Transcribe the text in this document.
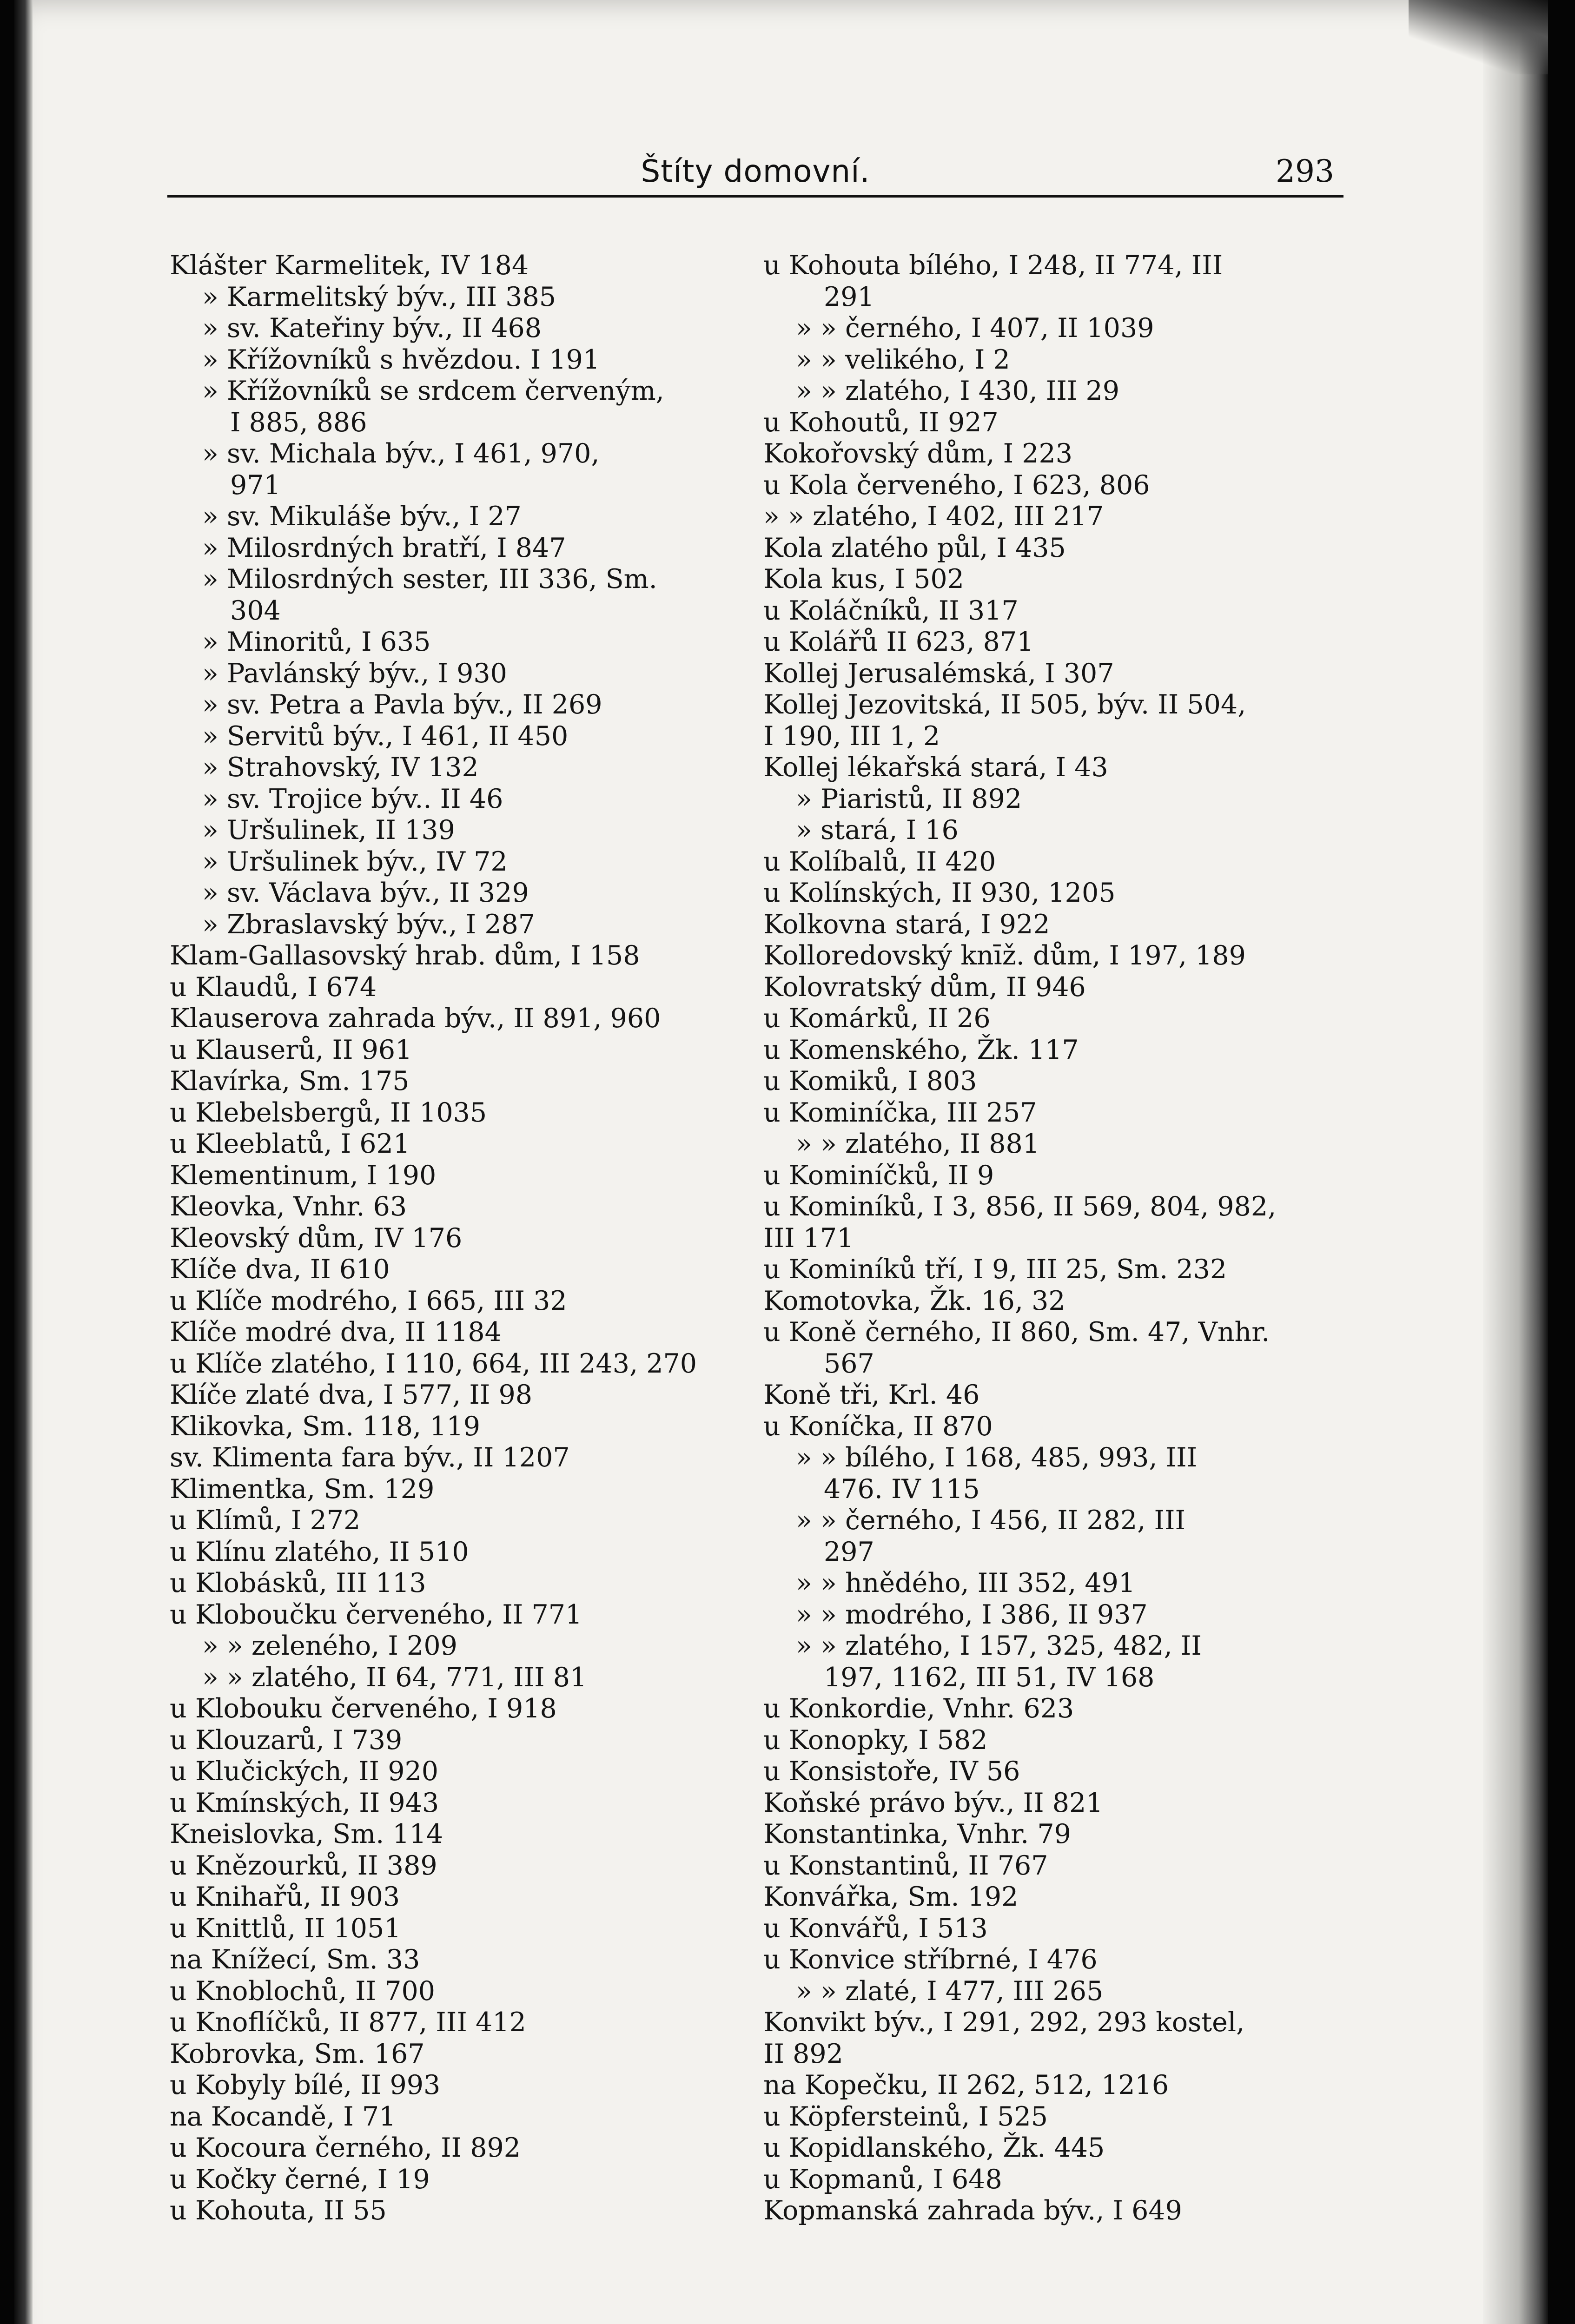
Štíty domovní.	293
Klášter Karmelitek, IV 184
» Karmelitský býv., III 385
» sv. Kateřiny býv., II 468
» Křížovníků s hvězdou. I 191
» Křížovníků se srdcem červeným,
I 885, 886
» sv. Michala býv., I 461, 970,
971
» sv. Mikuláše býv., I 27
» Milosrdných bratří, I 847
» Milosrdných sester, III 336, Sm.
304
» Minoritů, I 635
» Pavlánský býv., I 930
» sv. Petra a Pavla býv., II 269
» Servitů býv., I 461, II 450
» Strahovský, IV 132
» sv. Trojice býv.. II 46
» Uršulinek, II 139
» Uršulinek býv., IV 72
» sv. Václava býv., II 329
» Zbraslavský býv., I 287
Klam-Gallasovský hrab. dům, I 158
u Klaudů, I 674
Klauserova zahrada býv., II 891, 960
u Klauserů, II 961
Klavírka, Sm. 175
u Klebelsbergů, II 1035
u Kleeblatů, I 621
Klementinum, I 190
Kleovka, Vnhr. 63
Kleovský dům, IV 176
Klíče dva, II 610
u Klíče modrého, I 665, III 32
Klíče modré dva, II 1184
u Klíče zlatého, I 110, 664, III 243, 270
Klíče zlaté dva, I 577, II 98
Klikovka, Sm. 118, 119
sv. Klimenta fara býv., II 1207
Klimentka, Sm. 129
u Klímů, I 272
u Klínu zlatého, II 510
u Klobásků, III 113
u Kloboučku červeného, II 771
» » zeleného, I 209
» » zlatého, II 64, 771, III 81
u Klobouku červeného, I 918
u Klouzarů, I 739
u Klučických, II 920
u Kmínských, II 943
Kneislovka, Sm. 114
u Knězourků, II 389
u Knihařů, II 903
u Knittlů, II 1051
na Knížecí, Sm. 33
u Knoblochů, II 700
u Knoflíčků, II 877, III 412
Kobrovka, Sm. 167
u Kobyly bílé, II 993
na Kocandě, I 71
u Kocoura černého, II 892
u Kočky černé, I 19
u Kohouta, II 55
u Kohouta bílého, I 248, II 774, III
291
» » černého, I 407, II 1039
» » velikého, I 2
» » zlatého, I 430, III 29
u Kohoutů, II 927
Kokořovský dům, I 223
u Kola červeného, I 623, 806
» » zlatého, I 402, III 217
Kola zlatého půl, I 435
Kola kus, I 502
u Koláčníků, II 317
u Kolářů II 623, 871
Kollej Jerusalémská, I 307
Kollej Jezovitská, II 505, býv. II 504,
I 190, III 1, 2
Kollej lékařská stará, I 43
» Piaristů, II 892
» stará, I 16
u Kolíbalů, II 420
u Kolínských, II 930, 1205
Kolkovna stará, I 922
Kolloredovský knīž. dům, I 197, 189
Kolovratský dům, II 946
u Komárků, II 26
u Komenského, Žk. 117
u Komiků, I 803
u Kominíčka, III 257
» » zlatého, II 881
u Kominíčků, II 9
u Kominíků, I 3, 856, II 569, 804, 982,
III 171
u Kominíků tří, I 9, III 25, Sm. 232
Komotovka, Žk. 16, 32
u Koně černého, II 860, Sm. 47, Vnhr.
567
Koně tři, Krl. 46
u Koníčka, II 870
» » bílého, I 168, 485, 993, III
476. IV 115
» » černého, I 456, II 282, III
297
» » hnědého, III 352, 491
» » modrého, I 386, II 937
» » zlatého, I 157, 325, 482, II
197, 1162, III 51, IV 168
u Konkordie, Vnhr. 623
u Konopky, I 582
u Konsistoře, IV 56
Koňské právo býv., II 821
Konstantinka, Vnhr. 79
u Konstantinů, II 767
Konvářka, Sm. 192
u Konvářů, I 513
u Konvice stříbrné, I 476
» » zlaté, I 477, III 265
Konvikt býv., I 291, 292, 293 kostel,
II 892
na Kopečku, II 262, 512, 1216
u Köpfersteinů, I 525
u Kopidlanského, Žk. 445
u Kopmanů, I 648
Kopmanská zahrada býv., I 649
